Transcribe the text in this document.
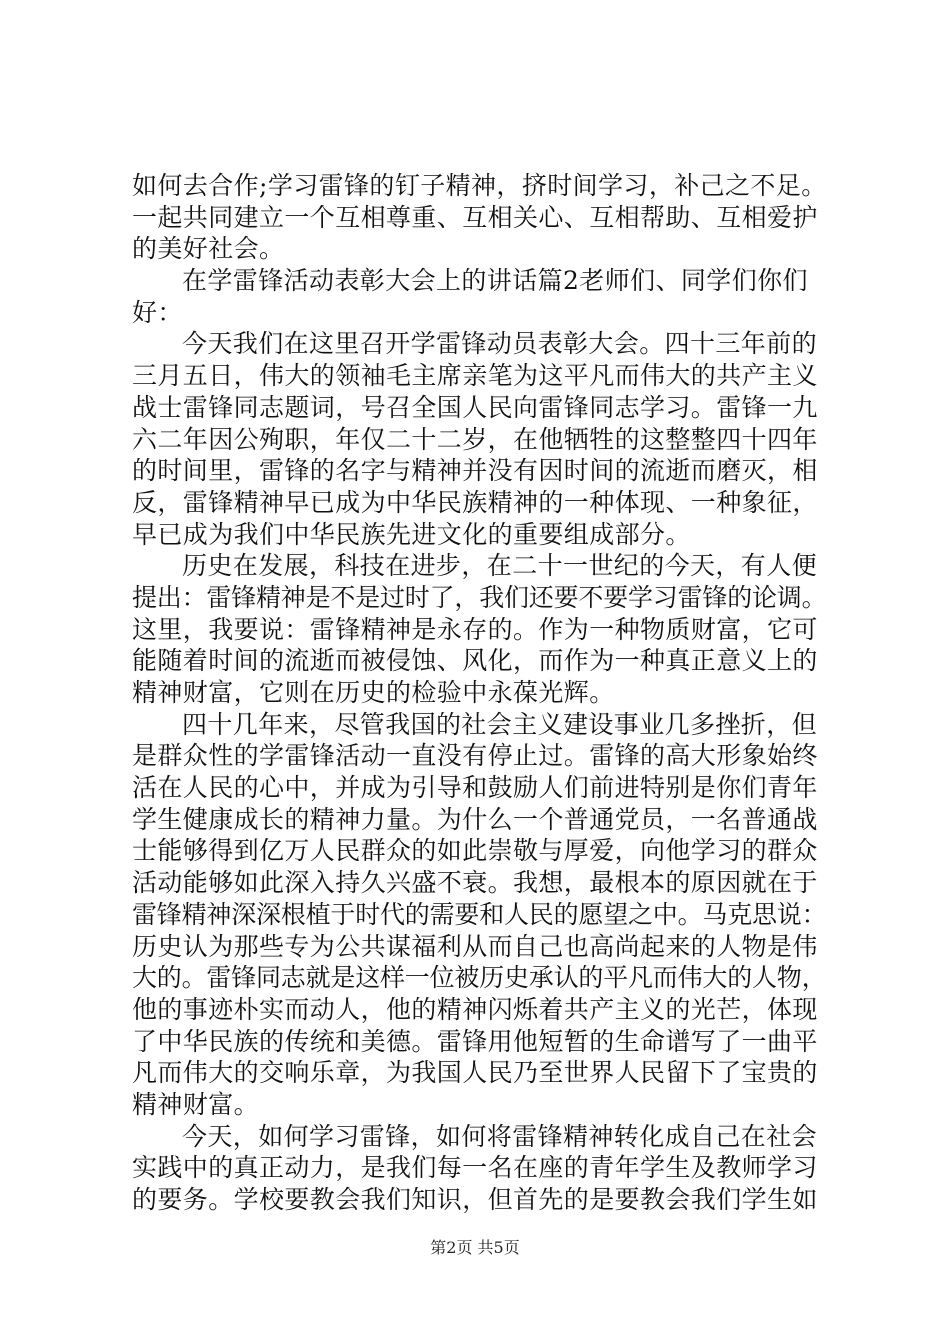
如何去合作;学习雷锋的钉子精神，挤时间学习，补己之不足。
一起共同建立一个互相尊重、互相关心、互相帮助、互相爱护
的美好社会。
在学雷锋活动表彰大会上的讲话篇2老师们、同学们你们
好：
今天我们在这里召开学雷锋动员表彰大会。四十三年前的
三月五日，伟大的领袖毛主席亲笔为这平凡而伟大的共产主义
战士雷锋同志题词，号召全国人民向雷锋同志学习。雷锋一九
六二年因公殉职，年仅二十二岁，在他牺牲的这整整四十四年
的时间里，雷锋的名字与精神并没有因时间的流逝而磨灭，相
反，雷锋精神早已成为中华民族精神的一种体现、一种象征，
早已成为我们中华民族先进文化的重要组成部分。
历史在发展，科技在进步，在二十一世纪的今天，有人便
提出：雷锋精神是不是过时了，我们还要不要学习雷锋的论调。
这里，我要说：雷锋精神是永存的。作为一种物质财富，它可
能随着时间的流逝而被侵蚀、风化，而作为一种真正意义上的
精神财富，它则在历史的检验中永葆光辉。
四十几年来，尽管我国的社会主义建设事业几多挫折，但
是群众性的学雷锋活动一直没有停止过。雷锋的高大形象始终
活在人民的心中，并成为引导和鼓励人们前进特别是你们青年
学生健康成长的精神力量。为什么一个普通党员，一名普通战
士能够得到亿万人民群众的如此崇敬与厚爱，向他学习的群众
活动能够如此深入持久兴盛不衰。我想，最根本的原因就在于
雷锋精神深深根植于时代的需要和人民的愿望之中。马克思说：
历史认为那些专为公共谋福利从而自己也高尚起来的人物是伟
大的。雷锋同志就是这样一位被历史承认的平凡而伟大的人物，
他的事迹朴实而动人，他的精神闪烁着共产主义的光芒，体现
了中华民族的传统和美德。雷锋用他短暂的生命谱写了一曲平
凡而伟大的交响乐章，为我国人民乃至世界人民留下了宝贵的
精神财富。
今天，如何学习雷锋，如何将雷锋精神转化成自己在社会
实践中的真正动力，是我们每一名在座的青年学生及教师学习
的要务。学校要教会我们知识，但首先的是要教会我们学生如
第2页 共5页
